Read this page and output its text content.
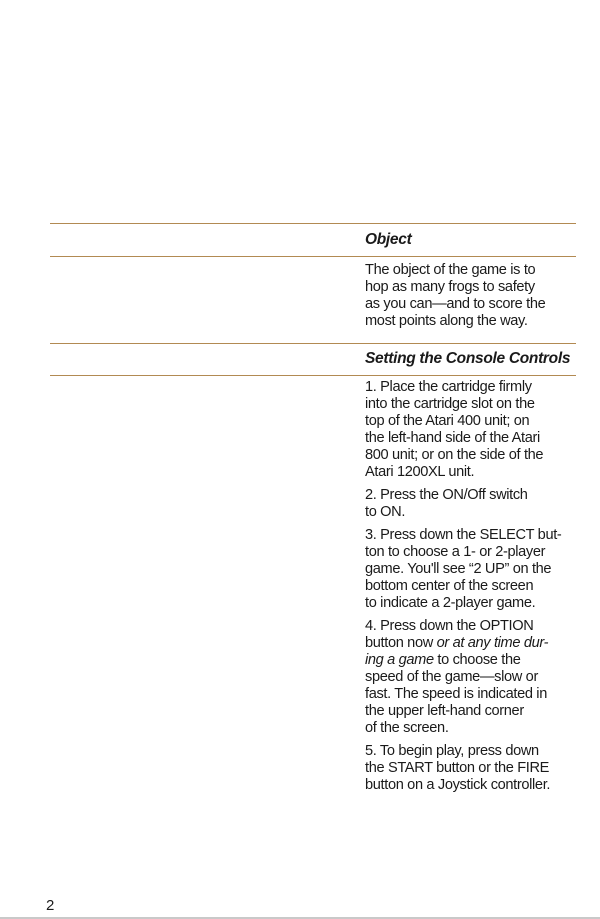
Object
The object of the game is to
hop as many frogs to safety
as you can—and to score the
most points along the way.
Setting the Console Controls

1. Place the cartridge firmly
into the cartridge slot on the
top of the Atari 400 unit; on
the left-hand side of the Atari
800 unit; or on the side of the
Atari 1200XL unit.

2. Press the ON/Off switch
to ON.

3. Press down the SELECT but-
ton to choose a 1- or 2-player
game. You'll see “2 UP” on the
bottom center of the screen
to indicate a 2-player game.

4. Press down the OPTION
button now or at any time dur-
ing a game to choose the
speed of the game—slow or
fast. The speed is indicated in
the upper left-hand corner
of the screen.

5. To begin play, press down
the START button or the FIRE
button on a Joystick controller.

2
